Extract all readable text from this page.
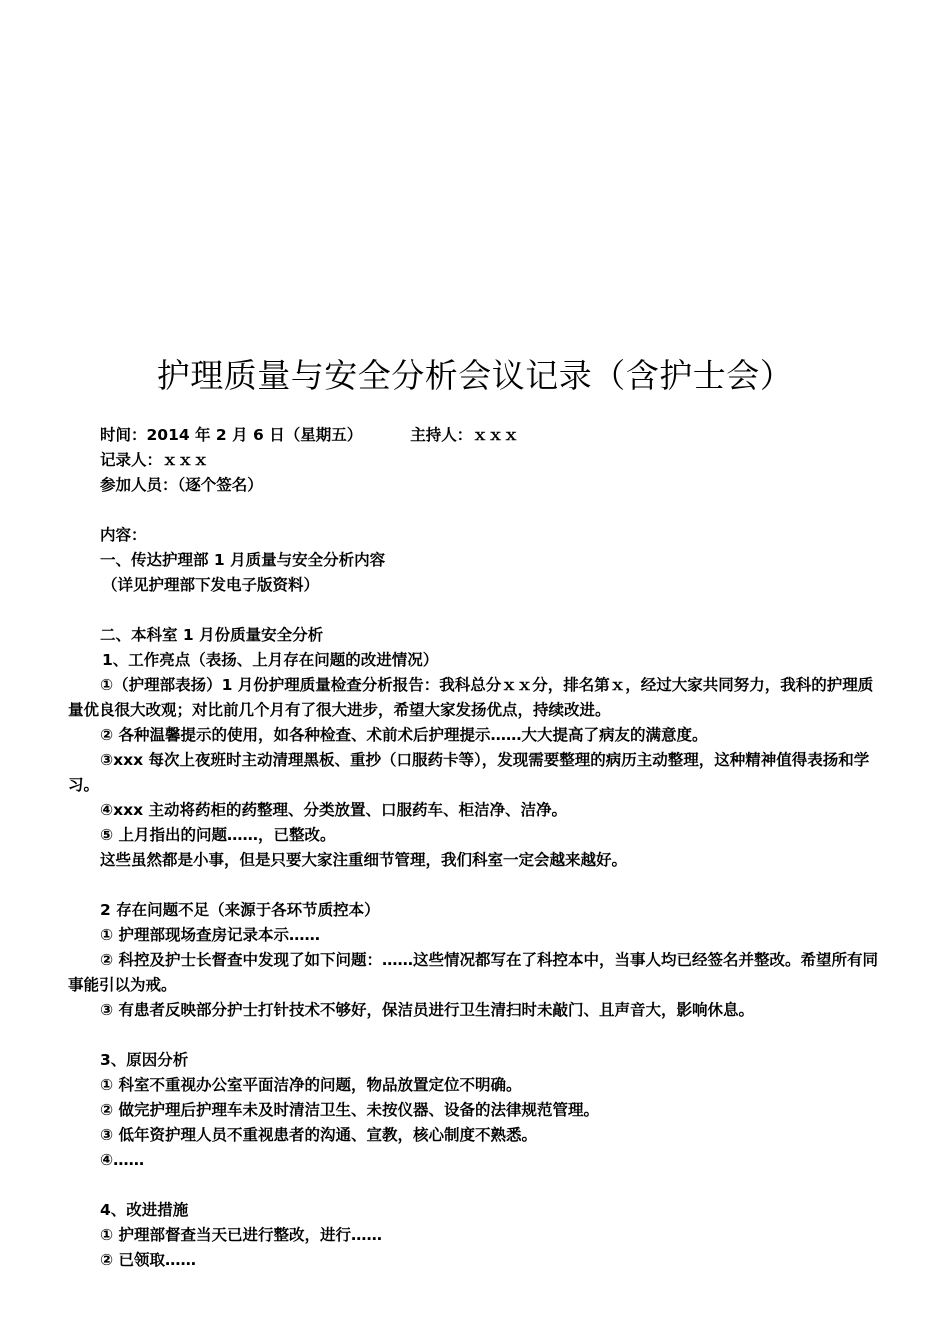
护理质量与安全分析会议记录（含护士会）
时间：2014 年 2 月 6 日（星期五）	主持人：ｘｘｘ
记录人：ｘｘｘ
参加人员：（逐个签名）
内容：
一、传达护理部 1 月质量与安全分析内容
（详见护理部下发电子版资料）
二、本科室 1 月份质量安全分析
1、工作亮点（表扬、上月存在问题的改进情况）
①（护理部表扬）1 月份护理质量检查分析报告：我科总分ｘｘ分，排名第ｘ，经过大家共同努力，我科的护理质量优良很大改观；对比前几个月有了很大进步，希望大家发扬优点，持续改进。
② 各种温馨提示的使用，如各种检查、术前术后护理提示……大大提高了病友的满意度。
③xxx 每次上夜班时主动清理黑板、重抄（口服药卡等），发现需要整理的病历主动整理，这种精神值得表扬和学习。
④xxx 主动将药柜的药整理、分类放置、口服药车、柜洁净、洁净。
⑤ 上月指出的问题……，已整改。
这些虽然都是小事，但是只要大家注重细节管理，我们科室一定会越来越好。
2 存在问题不足（来源于各环节质控本）
① 护理部现场查房记录本示……
② 科控及护士长督查中发现了如下问题：……这些情况都写在了科控本中，当事人均已经签名并整改。希望所有同事能引以为戒。
③ 有患者反映部分护士打针技术不够好，保洁员进行卫生清扫时未敲门、且声音大，影响休息。
3、原因分析
① 科室不重视办公室平面洁净的问题，物品放置定位不明确。
② 做完护理后护理车未及时清洁卫生、未按仪器、设备的法律规范管理。
③ 低年资护理人员不重视患者的沟通、宣教，核心制度不熟悉。
④……
4、改进措施
① 护理部督查当天已进行整改，进行……
② 已领取……
